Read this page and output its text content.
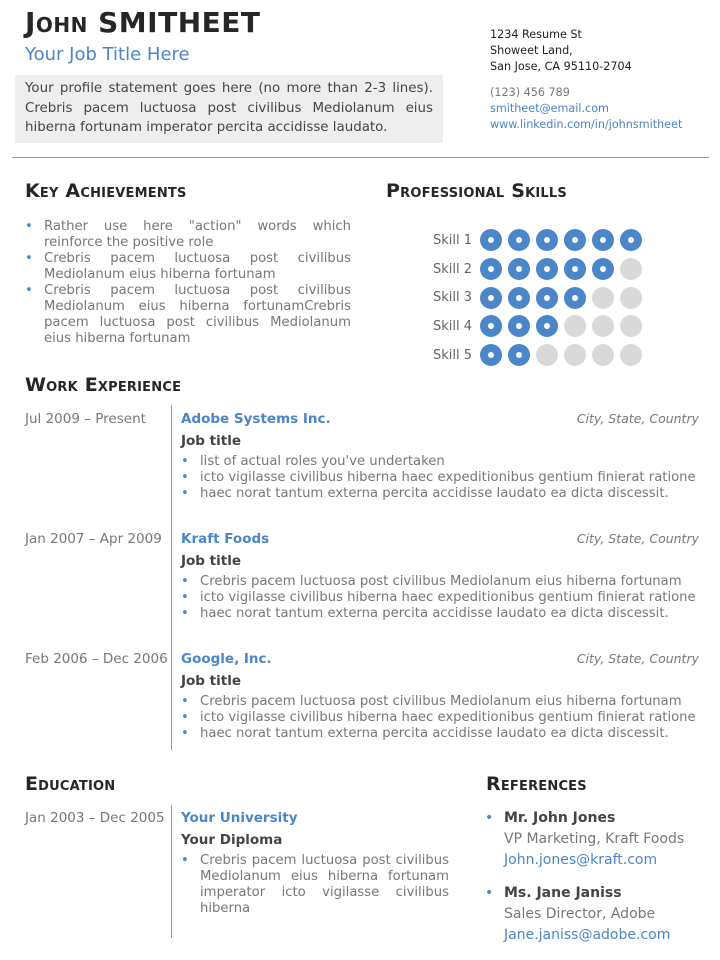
John SMITHEET
Your Job Title Here
Your profile statement goes here (no more than 2-3 lines). Crebris pacem luctuosa post civilibus Mediolanum eius hiberna fortunam imperator percita accidisse laudato.
1234 Resume St
Showeet Land,
San Jose, CA 95110-2704
(123) 456 789
smitheet@email.com
www.linkedin.com/in/johnsmitheet
Key Achievements
• Rather use here "action" words which reinforce the positive role
• Crebris pacem luctuosa post civilibus Mediolanum eius hiberna fortunam
• Crebris pacem luctuosa post civilibus Mediolanum eius hiberna fortunamCrebris pacem luctuosa post civilibus Mediolanum eius hiberna fortunam
Professional Skills
Skill 1
Skill 2
Skill 3
Skill 4
Skill 5
Work Experience
Jul 2009 – Present	Adobe Systems Inc.	City, State, Country
Job title
• list of actual roles you've undertaken
• icto vigilasse civilibus hiberna haec expeditionibus gentium finierat ratione
• haec norat tantum externa percita accidisse laudato ea dicta discessit.
Jan 2007 – Apr 2009 Kraft Foods	City, State, Country
Job title
• Crebris pacem luctuosa post civilibus Mediolanum eius hiberna fortunam
• icto vigilasse civilibus hiberna haec expeditionibus gentium finierat ratione
• haec norat tantum externa percita accidisse laudato ea dicta discessit.
Feb 2006 – Dec 2006 Google, Inc.	City, State, Country
Job title
• Crebris pacem luctuosa post civilibus Mediolanum eius hiberna fortunam
• icto vigilasse civilibus hiberna haec expeditionibus gentium finierat ratione
• haec norat tantum externa percita accidisse laudato ea dicta discessit.
Education
Jan 2003 – Dec 2005 Your University
Your Diploma
• Crebris pacem luctuosa post civilibus Mediolanum eius hiberna fortunam imperator icto vigilasse civilibus hiberna
References
• Mr. John Jones
VP Marketing, Kraft Foods
John.jones@kraft.com
• Ms. Jane Janiss
Sales Director, Adobe
Jane.janiss@adobe.com
